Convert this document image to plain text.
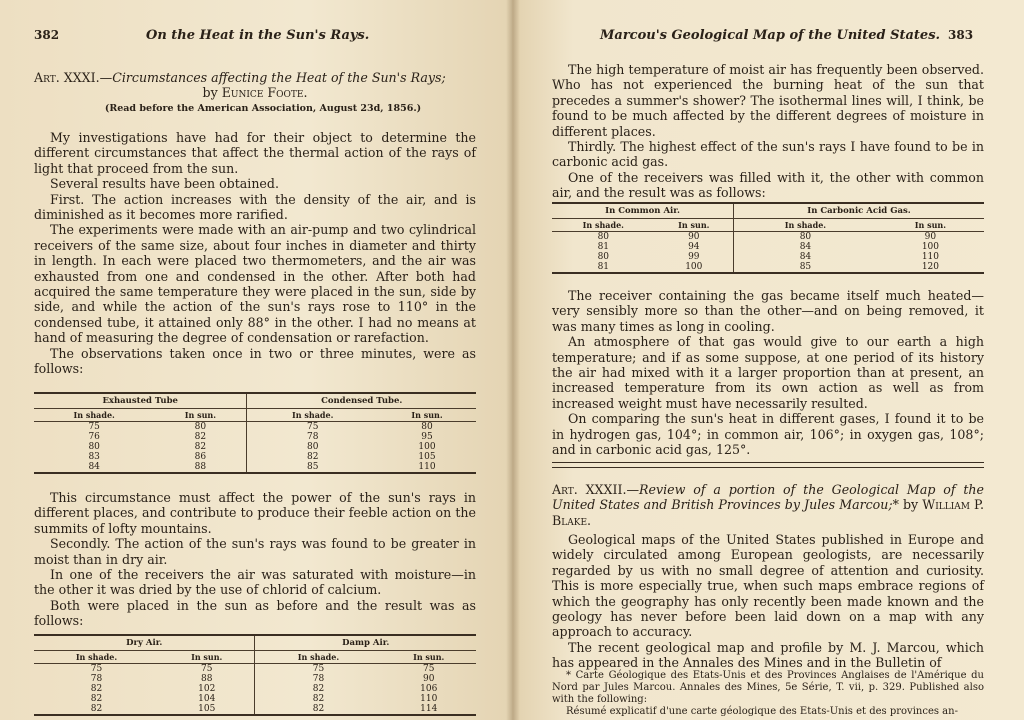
382	On the Heat in the Sun's Rays.

Art. XXXI.—Circumstances affecting the Heat of the Sun's Rays;

by Eunice Foote.

(Read before the American Association, August 23d, 1856.)

My investigations have had for their object to determine the different circumstances that affect the thermal action of the rays of light that proceed from the sun.

Several results have been obtained.

First. The action increases with the density of the air, and is diminished as it becomes more rarified.

The experiments were made with an air-pump and two cylindrical receivers of the same size, about four inches in diameter and thirty in length. In each were placed two thermometers, and the air was exhausted from one and condensed in the other. After both had acquired the same temperature they were placed in the sun, side by side, and while the action of the sun's rays rose to 110° in the condensed tube, it attained only 88° in the other. I had no means at hand of measuring the degree of condensation or rarefaction.

The observations taken once in two or three minutes, were as follows:

Exhausted Tube		Condensed Tube.	
In shade.	In sun.	In shade.	In sun.
75	80	75	80
76	82	78	95
80	82	80	100
83	86	82	105
84	88	85	110

This circumstance must affect the power of the sun's rays in different places, and contribute to produce their feeble action on the summits of lofty mountains.

Secondly. The action of the sun's rays was found to be greater in moist than in dry air.

In one of the receivers the air was saturated with moisture—in the other it was dried by the use of chlorid of calcium.

Both were placed in the sun as before and the result was as follows:

Dry Air.		Damp Air.	
In shade.	In sun.	In shade.	In sun.
75	75	75	75
78	88	78	90
82	102	82	106
82	104	82	110
82	105	82	114
Marcou's Geological Map of the United States. 383

The high temperature of moist air has frequently been observed. Who has not experienced the burning heat of the sun that precedes a summer's shower? The isothermal lines will, I think, be found to be much affected by the different degrees of moisture in different places.

Thirdly. The highest effect of the sun's rays I have found to be in carbonic acid gas.

One of the receivers was filled with it, the other with common air, and the result was as follows:

In Common Air.		In Carbonic Acid Gas.	
In shade.	In sun.	In shade.	In sun.
80	90	80	90
81	94	84	100
80	99	84	110
81	100	85	120

The receiver containing the gas became itself much heated—very sensibly more so than the other—and on being removed, it was many times as long in cooling.

An atmosphere of that gas would give to our earth a high temperature; and if as some suppose, at one period of its history the air had mixed with it a larger proportion than at present, an increased temperature from its own action as well as from increased weight must have necessarily resulted.

On comparing the sun's heat in different gases, I found it to be in hydrogen gas, 104°; in common air, 106°; in oxygen gas, 108°; and in carbonic acid gas, 125°.

Art. XXXII.—Review of a portion of the Geological Map of the United States and British Provinces by Jules Marcou;* by William P. Blake.

Geological maps of the United States published in Europe and widely circulated among European geologists, are necessarily regarded by us with no small degree of attention and curiosity. This is more especially true, when such maps embrace regions of which the geography has only recently been made known and the geology has never before been laid down on a map with any approach to accuracy.

The recent geological map and profile by M. J. Marcou, which has appeared in the Annales des Mines and in the Bulletin of

* Carte Géologique des Etats-Unis et des Provinces Anglaises de l'Amérique du Nord par Jules Marcou. Annales des Mines, 5e Série, T. vii, p. 329. Published also with the following:

Résumé explicatif d'une carte géologique des Etats-Unis et des provinces an-
